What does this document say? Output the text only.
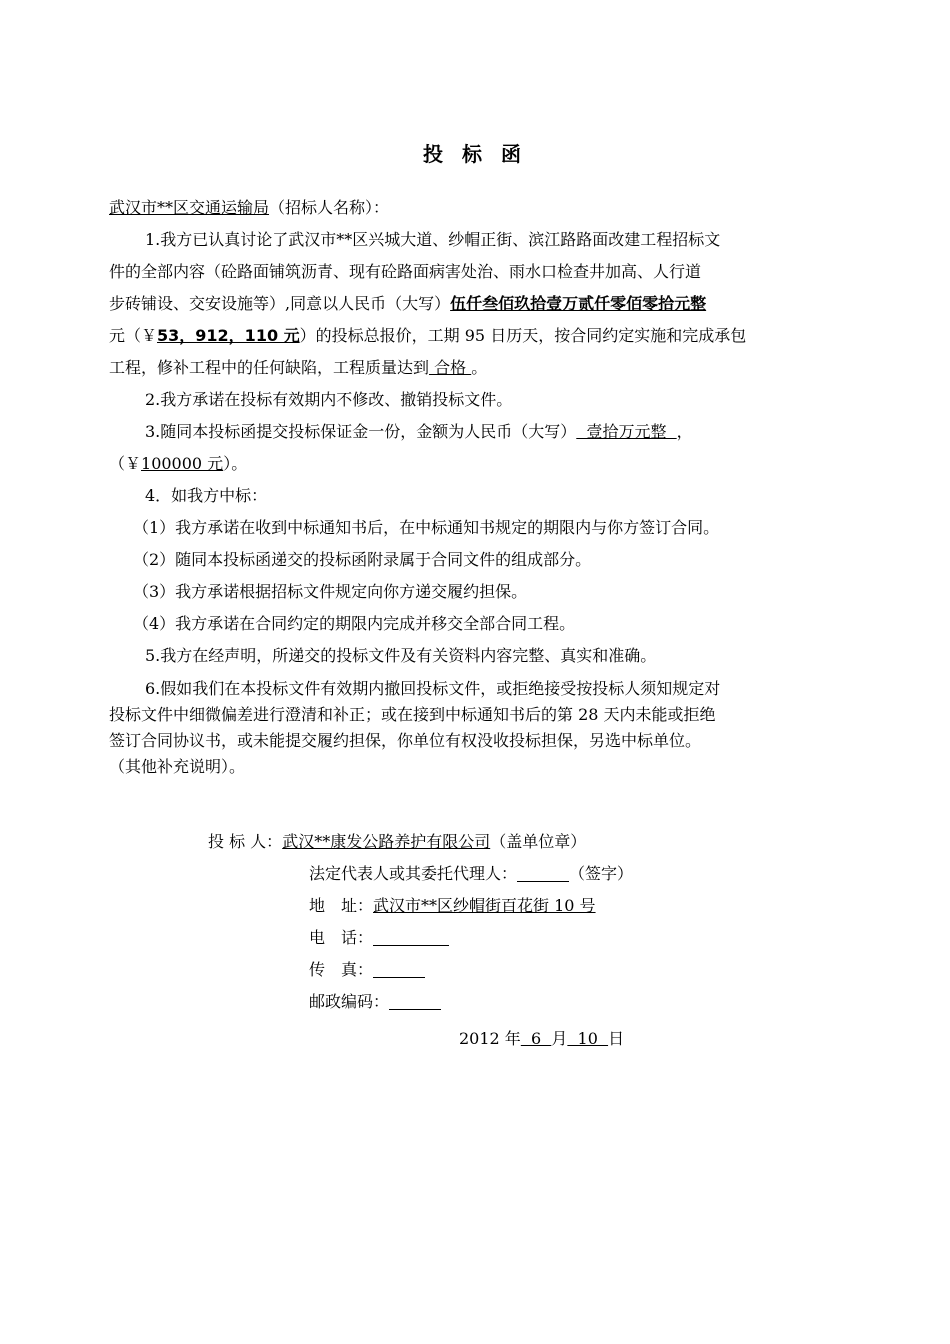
投 标 函
武汉市**区交通运输局（招标人名称）：
1.我方已认真讨论了武汉市**区兴城大道、纱帽正街、滨江路路面改建工程招标文
件的全部内容（砼路面铺筑沥青、现有砼路面病害处治、雨水口检查井加高、人行道
步砖铺设、交安设施等）,同意以人民币（大写）伍仟叁佰玖拾壹万贰仟零佰零拾元整
元（￥53，912，110 元）的投标总报价，工期 95 日历天，按合同约定实施和完成承包
工程，修补工程中的任何缺陷，工程质量达到 合格 。
2.我方承诺在投标有效期内不修改、撤销投标文件。
3.随同本投标函提交投标保证金一份，金额为人民币（大写）  壹拾万元整  ，
（￥100000 元）。
4．如我方中标：
（1）我方承诺在收到中标通知书后，在中标通知书规定的期限内与你方签订合同。
（2）随同本投标函递交的投标函附录属于合同文件的组成部分。
（3）我方承诺根据招标文件规定向你方递交履约担保。
（4）我方承诺在合同约定的期限内完成并移交全部合同工程。
5.我方在经声明，所递交的投标文件及有关资料内容完整、真实和准确。
6.假如我们在本投标文件有效期内撤回投标文件，或拒绝接受按投标人须知规定对
投标文件中细微偏差进行澄清和补正；或在接到中标通知书后的第 28 天内未能或拒绝
签订合同协议书，或未能提交履约担保，你单位有权没收投标担保，另选中标单位。
（其他补充说明）。
投 标 人：武汉**康发公路养护有限公司（盖单位章）
法定代表人或其委托代理人：	（签字）
地　址：武汉市**区纱帽街百花街 10 号
电　话：
传　真：
邮政编码：
2012 年  6  月  10  日
